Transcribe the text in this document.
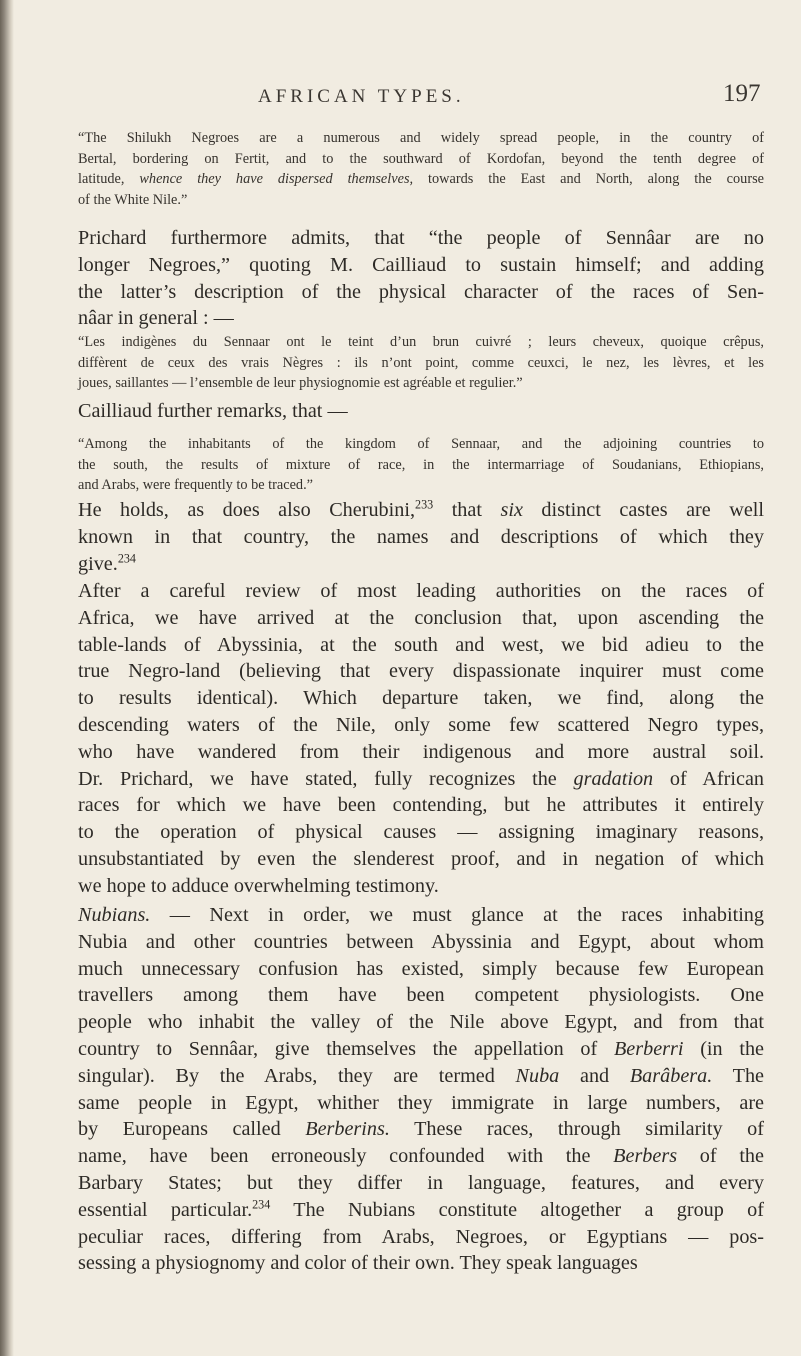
AFRICAN TYPES.	197

“The Shilukh Negroes are a numerous and widely spread people, in the country of
Bertal, bordering on Fertit, and to the southward of Kordofan, beyond the tenth degree of
latitude, whence they have dispersed themselves, towards the East and North, along the course
of the White Nile.”

Prichard furthermore admits, that “the people of Sennâar are no
longer Negroes,” quoting M. Cailliaud to sustain himself; and adding
the latter’s description of the physical character of the races of Sen-
nâar in general : —

“Les indigènes du Sennaar ont le teint d’un brun cuivré ; leurs cheveux, quoique crêpus,
diffèrent de ceux des vrais Nègres : ils n’ont point, comme ceuxci, le nez, les lèvres, et les
joues, saillantes — l’ensemble de leur physiognomie est agréable et regulier.”

Cailliaud further remarks, that —

“Among the inhabitants of the kingdom of Sennaar, and the adjoining countries to
the south, the results of mixture of race, in the intermarriage of Soudanians, Ethiopians,
and Arabs, were frequently to be traced.”

He holds, as does also Cherubini,$^{233}$ that six distinct castes are well
known in that country, the names and descriptions of which they
give.$^{234}$

After a careful review of most leading authorities on the races of
Africa, we have arrived at the conclusion that, upon ascending the
table-lands of Abyssinia, at the south and west, we bid adieu to the
true Negro-land (believing that every dispassionate inquirer must come
to results identical). Which departure taken, we find, along the
descending waters of the Nile, only some few scattered Negro types,
who have wandered from their indigenous and more austral soil.
Dr. Prichard, we have stated, fully recognizes the gradation of African
races for which we have been contending, but he attributes it entirely
to the operation of physical causes — assigning imaginary reasons,
unsubstantiated by even the slenderest proof, and in negation of which
we hope to adduce overwhelming testimony.

Nubians. — Next in order, we must glance at the races inhabiting
Nubia and other countries between Abyssinia and Egypt, about whom
much unnecessary confusion has existed, simply because few European
travellers among them have been competent physiologists. One
people who inhabit the valley of the Nile above Egypt, and from that
country to Sennâar, give themselves the appellation of Berberri (in the
singular). By the Arabs, they are termed Nuba and Barâbera. The
same people in Egypt, whither they immigrate in large numbers, are
by Europeans called Berberins. These races, through similarity of
name, have been erroneously confounded with the Berbers of the
Barbary States; but they differ in language, features, and every
essential particular.$^{234}$ The Nubians constitute altogether a group of
peculiar races, differing from Arabs, Negroes, or Egyptians — pos-
sessing a physiognomy and color of their own. They speak languages
